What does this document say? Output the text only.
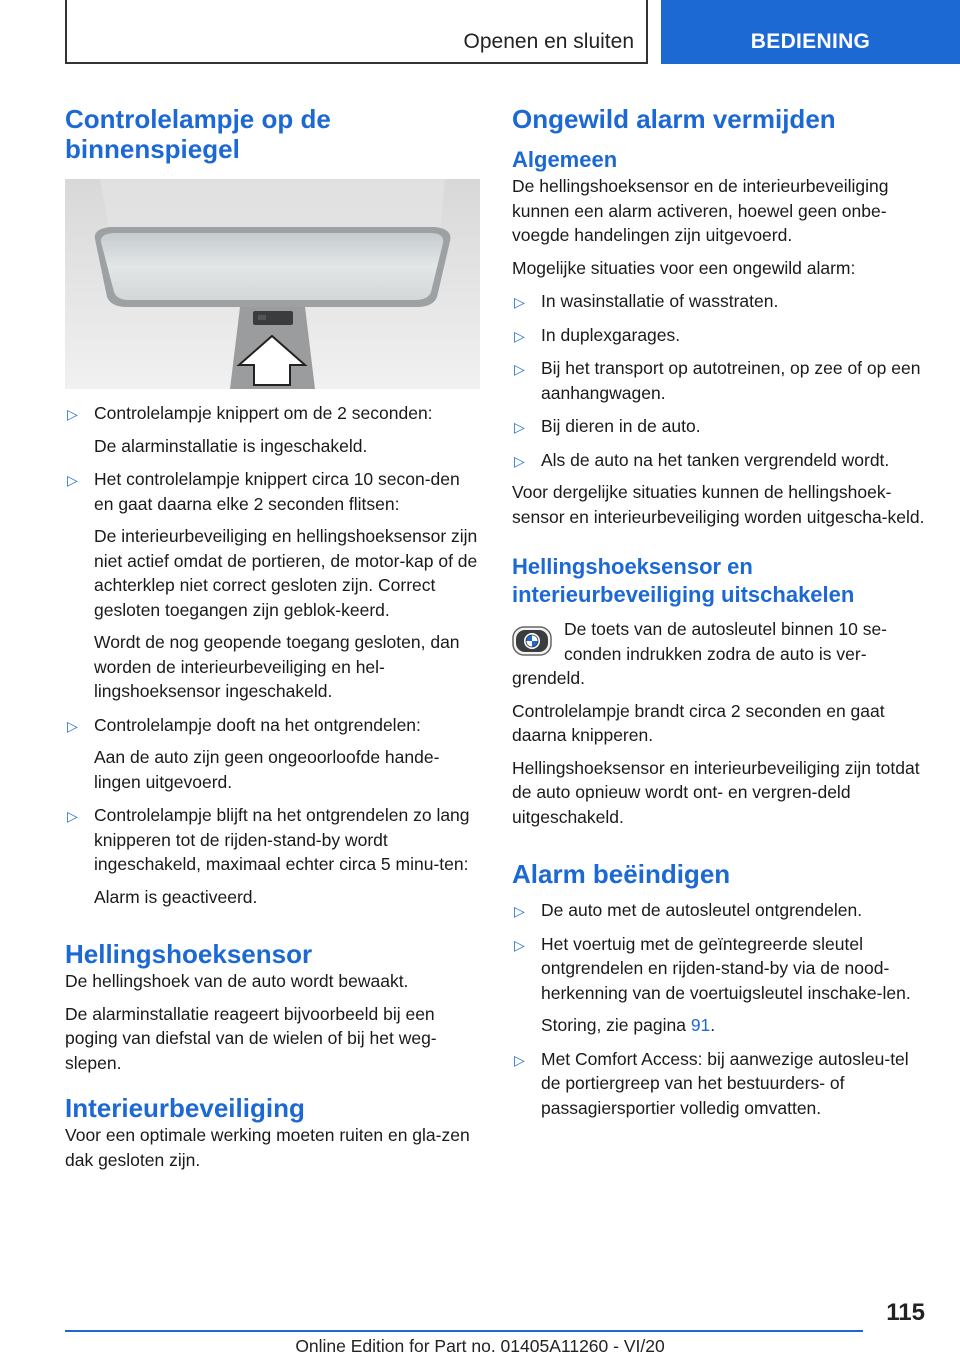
Openen en sluiten	BEDIENING
Controlelampje op de binnenspiegel
▷ Controlelampje knippert om de 2 seconden:
De alarminstallatie is ingeschakeld.
▷ Het controlelampje knippert circa 10 secon-den en gaat daarna elke 2 seconden flitsen:
De interieurbeveiliging en hellingshoeksensor zijn niet actief omdat de portieren, de motor-kap of de achterklep niet correct gesloten zijn. Correct gesloten toegangen zijn geblok-keerd.
Wordt de nog geopende toegang gesloten, dan worden de interieurbeveiliging en hel-lingshoeksensor ingeschakeld.
▷ Controlelampje dooft na het ontgrendelen:
Aan de auto zijn geen ongeoorloofde hande-lingen uitgevoerd.
▷ Controlelampje blijft na het ontgrendelen zo lang knipperen tot de rijden-stand-by wordt ingeschakeld, maximaal echter circa 5 minu-ten:
Alarm is geactiveerd.
Hellingshoeksensor

De hellingshoek van de auto wordt bewaakt.

De alarminstallatie reageert bijvoorbeeld bij een poging van diefstal van de wielen of bij het weg-slepen.

Interieurbeveiliging

Voor een optimale werking moeten ruiten en gla-zen dak gesloten zijn.

Ongewild alarm vermijden
Algemeen

De hellingshoeksensor en de interieurbeveiliging kunnen een alarm activeren, hoewel geen onbe-voegde handelingen zijn uitgevoerd.

Mogelijke situaties voor een ongewild alarm:

▷ In wasinstallatie of wasstraten.
▷ In duplexgarages.
▷ Bij het transport op autotreinen, op zee of op een aanhangwagen.
▷ Bij dieren in de auto.
▷ Als de auto na het tanken vergrendeld wordt.

Voor dergelijke situaties kunnen de hellingshoek-sensor en interieurbeveiliging worden uitgescha-keld.

Hellingshoeksensor en interieurbeveiliging uitschakelen
De toets van de autosleutel binnen 10 se-conden indrukken zodra de auto is ver-

grendeld.

Controlelampje brandt circa 2 seconden en gaat daarna knipperen.

Hellingshoeksensor en interieurbeveiliging zijn totdat de auto opnieuw wordt ont- en vergren-deld uitgeschakeld.

Alarm beëindigen
▷ De auto met de autosleutel ontgrendelen.
▷ Het voertuig met de geïntegreerde sleutel ontgrendelen en rijden-stand-by via de nood-herkenning van de voertuigsleutel inschake-len.
Storing, zie pagina 91.
▷ Met Comfort Access: bij aanwezige autosleu-tel de portiergreep van het bestuurders- of passagiersportier volledig omvatten.
115
Online Edition for Part no. 01405A11260 - VI/20
